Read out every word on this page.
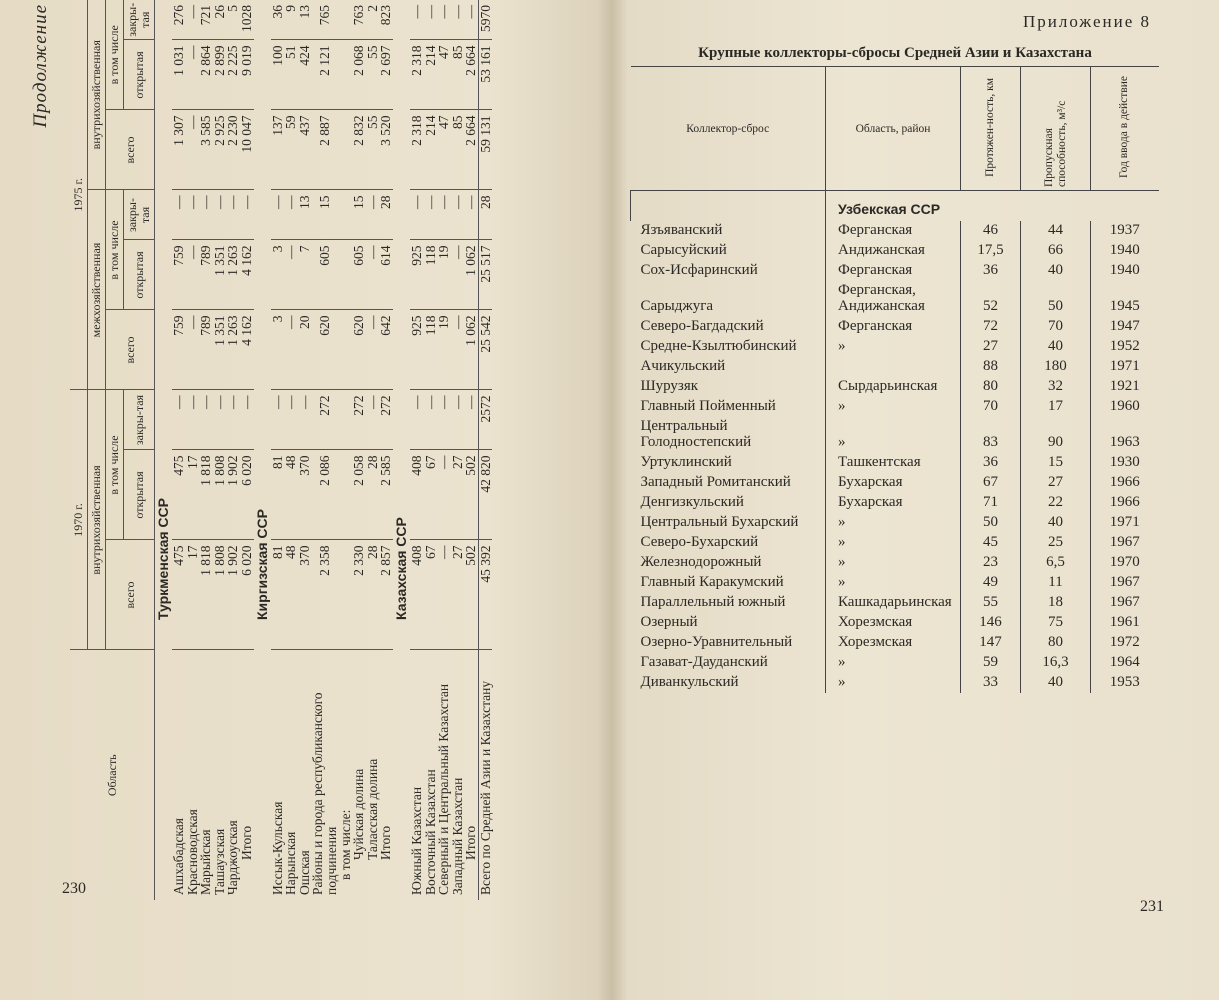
Продолжение
Область	1970 г.			1975 г.					
	внутрихозяйственная			межхозяйственная			внутрихозяйственная		
	всего	в том числе		всего	в том числе		всего	в том числе	
		открытая	закры-тая		открытая	закры-тая		открытая	закры-тая
Туркменская ССР									
Ашхабадская	475	475	—	759	759	—	1 307	1 031	276
Красноводская	17	17	—	—	—	—	—	—	—
Марыйская	1 818	1 818	—	789	789	—	3 585	2 864	721
Ташаузская	1 808	1 808	—	1 351	1 351	—	2 925	2 899	26
Чарджоуская	1 902	1 902	—	1 263	1 263	—	2 230	2 225	5
Итого	6 020	6 020	—	4 162	4 162	—	10 047	9 019	1028
Киргизская ССР									
Иссык-Кульская	81	81	—	3	3	—	137	100	36
Нарынская	48	48	—	—	—	—	59	51	9
Ошская	370	370	—	20	7	13	437	424	13
Районы и города республиканского подчинения	2 358	2 086	272	620	605	15	2 887	2 121	765
в том числе:									
Чуйская долина	2 330	2 058	272	620	605	15	2 832	2 068	763
Таласская долина	28	28	—	—	—	—	55	55	2
Итого	2 857	2 585	272	642	614	28	3 520	2 697	823
Казахская ССР									
Южный Казахстан	408	408	—	925	925	—	2 318	2 318	—
Восточный Казахстан	67	67	—	118	118	—	214	214	—
Северный и Центральный Казахстан	—	—	—	19	19	—	47	47	—
Западный Казахстан	27	27	—	—	—	—	85	85	—
Итого	502	502	—	1 062	1 062	—	2 664	2 664	—
Всего по Средней Азии и Казахстану	45 392	42 820	2572	25 542	25 517	28	59 131	53 161	5970
230
Приложение 8
Крупные коллекторы-сбросы Средней Азии и Казахстана
Коллектор-сброс	Область, район	Протяжен-ность, км	Пропускная способность, м³/с	Год ввода в действие
	Узбекская ССР			
Язъяванский	Ферганская	46	44	1937
Сарысуйский	Андижанская	17,5	66	1940
Сох-Исфаринский	Ферганская	36	40	1940
Сарыджуга	Ферганская, Андижанская	52	50	1945
Северо-Багдадский	Ферганская	72	70	1947
Средне-Кзылтюбинский	»	27	40	1952
Ачикульский		88	180	1971
Шурузяк	Сырдарьинская	80	32	1921
Главный Пойменный	»	70	17	1960
Центральный Голодностепский	»	83	90	1963
Уртуклинский	Ташкентская	36	15	1930
Западный Ромитанский	Бухарская	67	27	1966
Денгизкульский	Бухарская	71	22	1966
Центральный Бухарский	»	50	40	1971
Северо-Бухарский	»	45	25	1967
Железнодорожный	»	23	6,5	1970
Главный Каракумский	»	49	11	1967
Параллельный южный	Кашкадарьинская	55	18	1967
Озерный	Хорезмская	146	75	1961
Озерно-Уравнительный	Хорезмская	147	80	1972
Газават-Дауданский	»	59	16,3	1964
Диванкульский	»	33	40	1953
231
